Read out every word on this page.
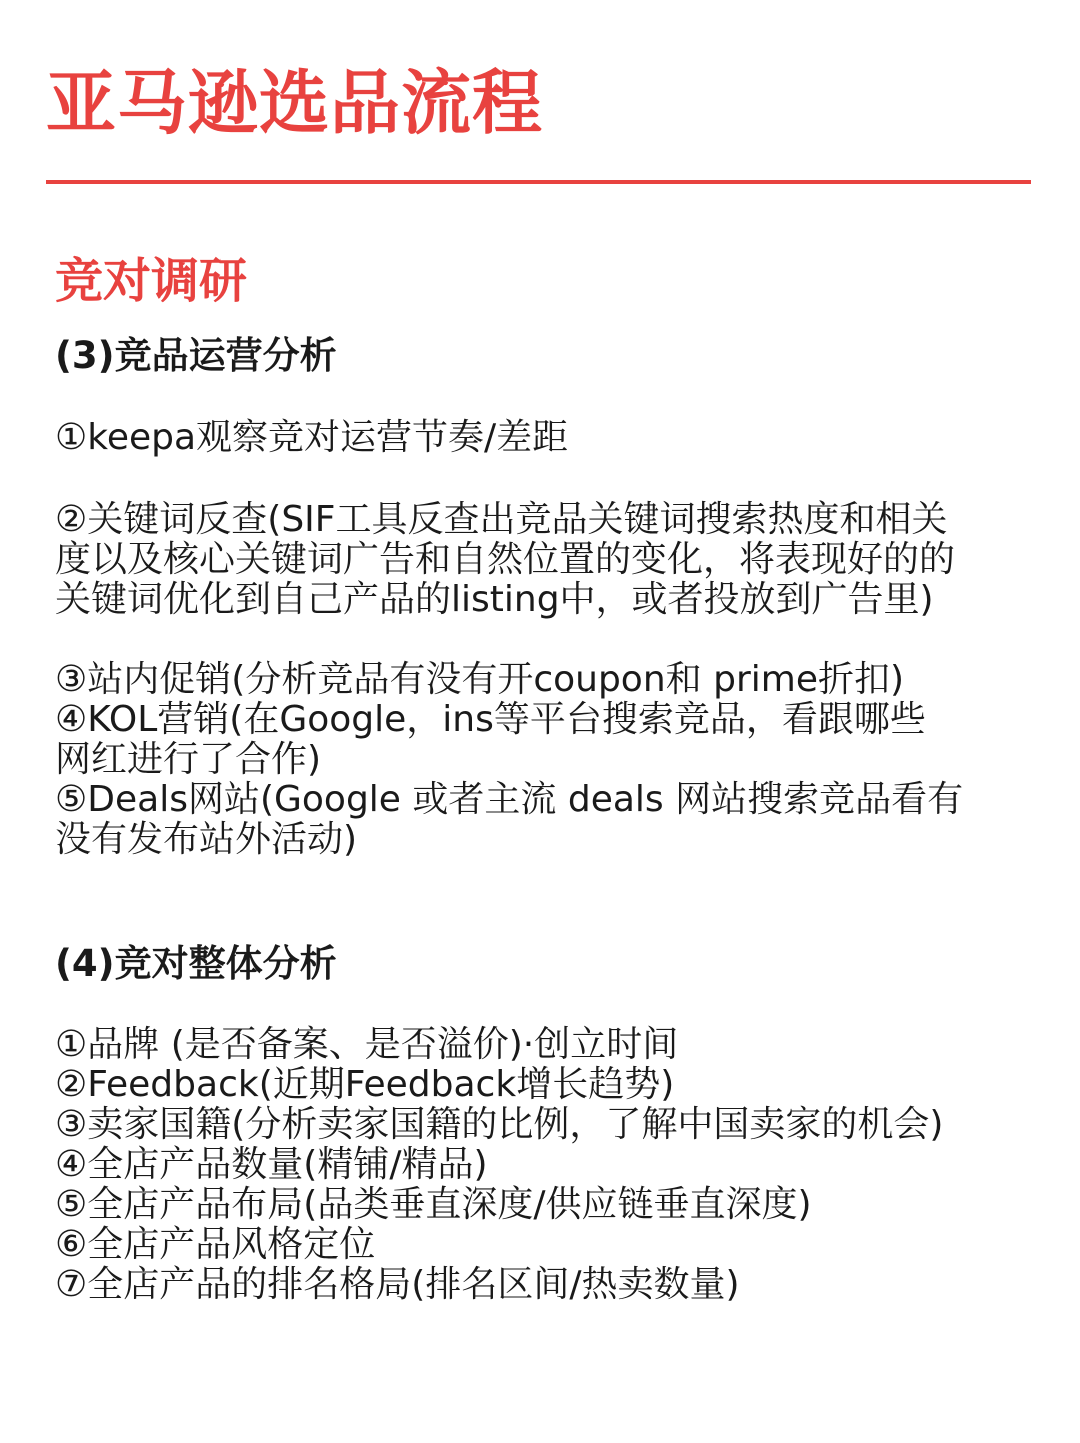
亚马逊选品流程
竞对调研
(3)竞品运营分析
①keepa观察竞对运营节奏/差距
②关键词反查(SIF工具反查出竞品关键词搜索热度和相关
度以及核心关键词广告和自然位置的变化，将表现好的的
关键词优化到自己产品的listing中，或者投放到广告里)
③站内促销(分析竞品有没有开coupon和 prime折扣)
④KOL营销(在Google，ins等平台搜索竞品，看跟哪些
网红进行了合作)
⑤Deals网站(Google 或者主流 deals 网站搜索竞品看有
没有发布站外活动)
(4)竞对整体分析
①品牌 (是否备案、是否溢价)·创立时间
②Feedback(近期Feedback增长趋势)
③卖家国籍(分析卖家国籍的比例，了解中国卖家的机会)
④全店产品数量(精铺/精品)
⑤全店产品布局(品类垂直深度/供应链垂直深度)
⑥全店产品风格定位
⑦全店产品的排名格局(排名区间/热卖数量)
